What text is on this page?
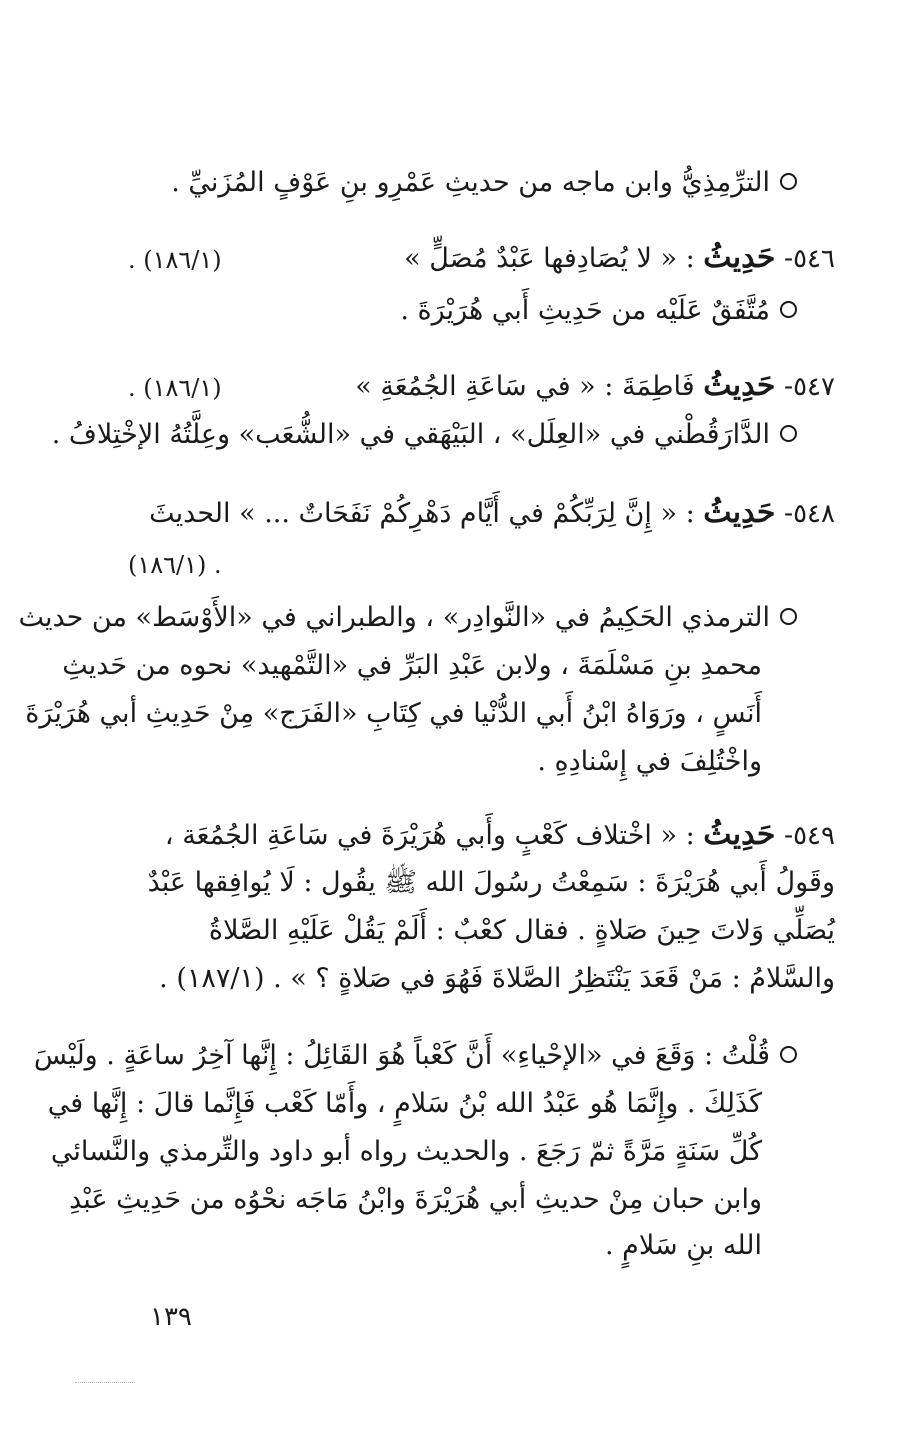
الترِّمِذِيُّ وابن ماجه من حديثِ عَمْرِو بنِ عَوْفٍ المُزَنيِّ .
٥٤٦- حَدِيثُ : « لا يُصَادِفها عَبْدٌ مُصَلٍّ »
(١٨٦/١) .
مُتَّفَقٌ عَلَيْه من حَدِيثِ أَبي هُرَيْرَةَ .
٥٤٧- حَدِيثُ فَاطِمَةَ : « في سَاعَةِ الجُمُعَةِ »
(١٨٦/١) .
الدَّارَقُطْني في «العِلَل» ، البَيْهَقي في «الشُّعَب» وعِلَّتُهُ الإخْتِلافُ .
٥٤٨- حَدِيثُ : « إِنَّ لِرَبِّكُمْ في أَيَّام دَهْرِكُمْ نَفَحَاتٌ ... » الحديثَ
. (١٨٦/١)
الترمذي الحَكِيمُ في «النَّوادِر» ، والطبراني في «الأَوْسَط» من حديث
محمدِ بنِ مَسْلَمَةَ ، ولابن عَبْدِ البَرِّ في «التَّمْهيد» نحوه من حَديثِ
أَنَسٍ ، ورَوَاهُ ابْنُ أَبي الدُّنْيا في كِتَابِ «الفَرَج» مِنْ حَدِيثِ أبي هُرَيْرَةَ
واخْتُلِفَ في إِسْنادِهِ .
٥٤٩- حَدِيثُ : « اخْتلاف كَعْبٍ وأَبي هُرَيْرَةَ في سَاعَةِ الجُمُعَة ،
وقَولُ أَبي هُرَيْرَةَ : سَمِعْتُ رسُولَ الله ﷺ يقُول : لَا يُوافِقها عَبْدٌ
يُصَلِّي وَلاتَ حِينَ صَلاةٍ . فقال كعْبٌ : أَلَمْ يَقُلْ عَلَيْهِ الصَّلاةُ
والسَّلامُ : مَنْ قَعَدَ يَنْتَظِرُ الصَّلاةَ فَهُوَ في صَلاةٍ ؟ » . (١٨٧/١) .
قُلْتُ : وَقَعَ في «الإحْياءِ» أَنَّ كَعْباً هُوَ القَائِلُ : إِنَّها آخِرُ ساعَةٍ . ولَيْسَ
كَذَلِكَ . وإِنَّمَا هُو عَبْدُ الله بْنُ سَلامٍ ، وأَمّا كَعْب فَإِنَّما قالَ : إِنَّها في
كُلِّ سَنَةٍ مَرَّةً ثمّ رَجَعَ . والحديث رواه أبو داود والتِّرمذي والنَّسائي
وابن حبان مِنْ حديثِ أبي هُرَيْرَةَ وابْنُ مَاجَه نحْوُه من حَدِيثِ عَبْدِ
الله بنِ سَلامٍ .
١٣٩
